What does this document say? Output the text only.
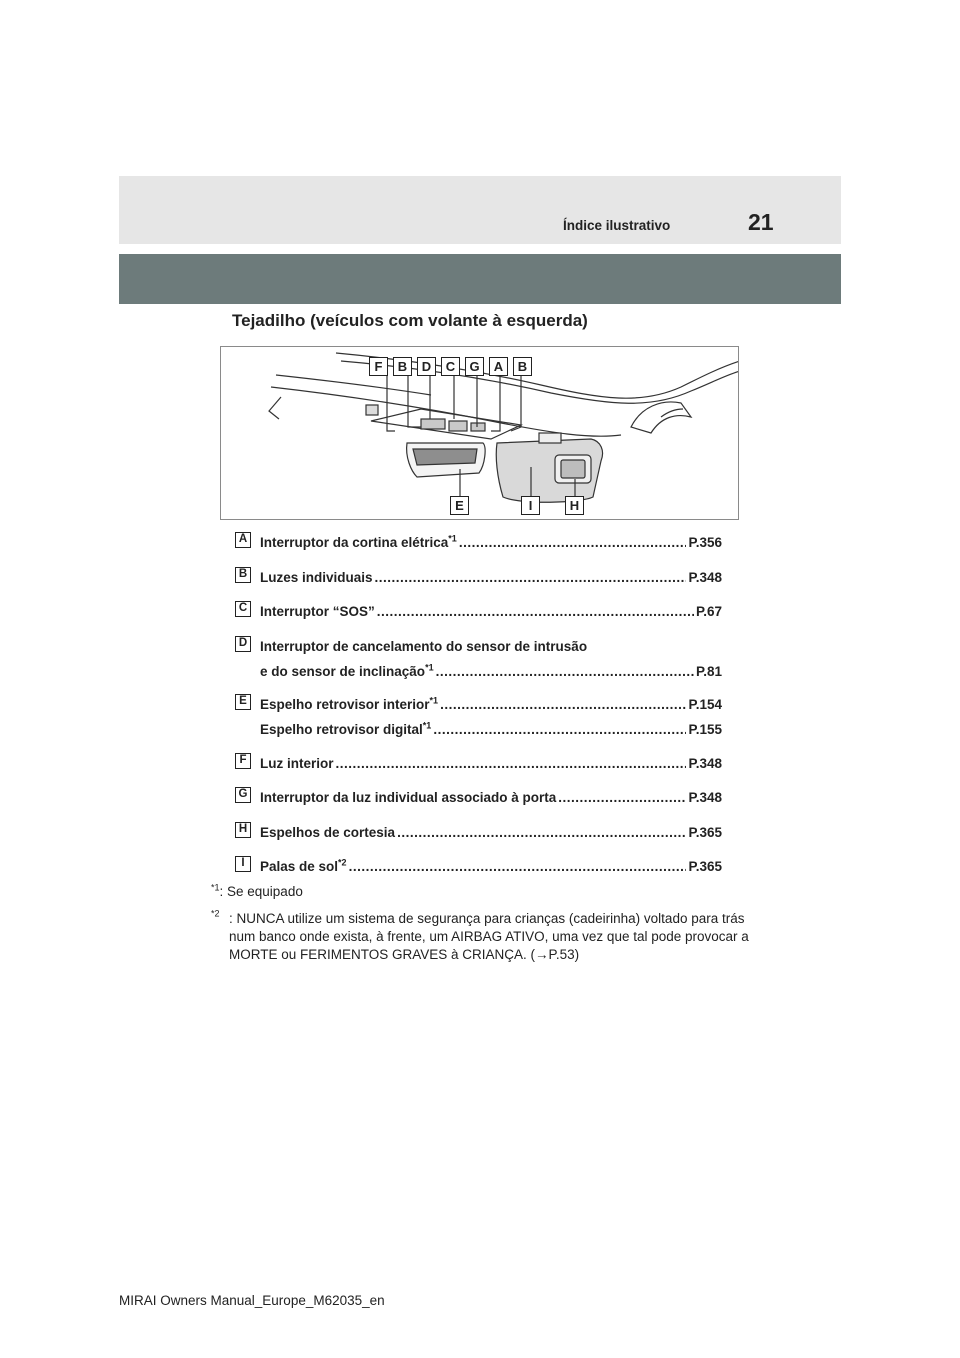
Índice ilustrativo	21
Tejadilho (veículos com volante à esquerda)
F	B	D	C	G	A	B
E	I	H
A Interruptor da cortina elétrica$^{*1}$ .....	P.356
B Luzes individuais .....	P.348
C Interruptor “SOS” .....	P.67
D Interruptor de cancelamento do sensor de intrusão
e do sensor de inclinação$^{*1}$ .....	P.81
E Espelho retrovisor interior$^{*1}$ .....	P.154
Espelho retrovisor digital$^{*1}$ .....	P.155
F Luz interior .....	P.348
G Interruptor da luz individual associado à porta .....	P.348
H Espelhos de cortesia .....	P.365
I	Palas de sol$^{*2}$ .....	P.365
$^{*1}$: Se equipado
$^{*2}$ : NUNCA utilize um sistema de segurança para crianças (cadeirinha) voltado para trás num banco onde exista, à frente, um AIRBAG ATIVO, uma vez que tal pode provocar a MORTE ou FERIMENTOS GRAVES à CRIANÇA. (→P.53)
MIRAI Owners Manual_Europe_M62035_en
